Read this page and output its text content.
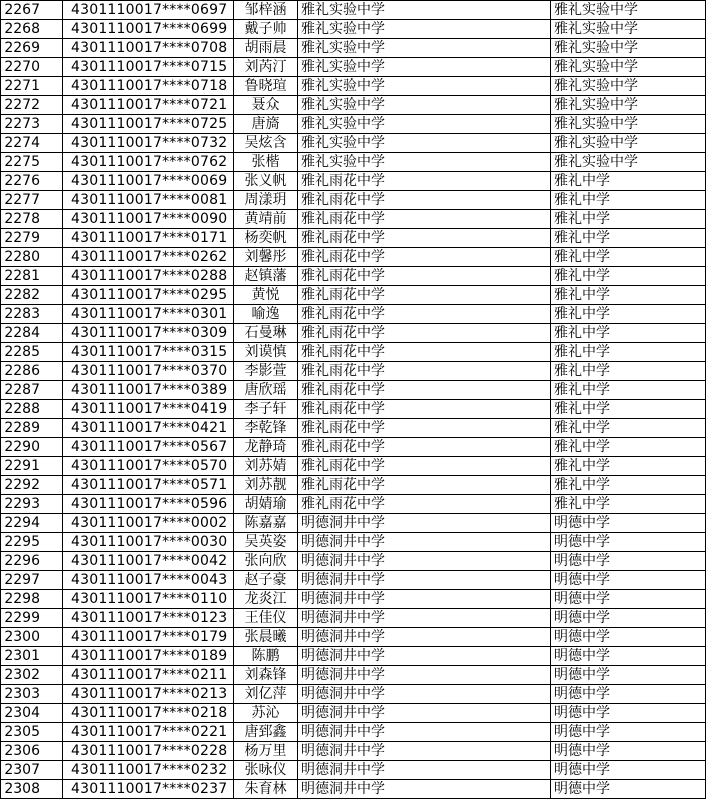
2267	4301110017****0697	邹梓涵	雅礼实验中学	雅礼实验中学
2268	4301110017****0699	戴子帅	雅礼实验中学	雅礼实验中学
2269	4301110017****0708	胡雨晨	雅礼实验中学	雅礼实验中学
2270	4301110017****0715	刘芮汀	雅礼实验中学	雅礼实验中学
2271	4301110017****0718	鲁晓瑄	雅礼实验中学	雅礼实验中学
2272	4301110017****0721	聂众	雅礼实验中学	雅礼实验中学
2273	4301110017****0725	唐旖	雅礼实验中学	雅礼实验中学
2274	4301110017****0732	吴炫含	雅礼实验中学	雅礼实验中学
2275	4301110017****0762	张楷	雅礼实验中学	雅礼实验中学
2276	4301110017****0069	张义帆	雅礼雨花中学	雅礼中学
2277	4301110017****0081	周漾玥	雅礼雨花中学	雅礼中学
2278	4301110017****0090	黄靖前	雅礼雨花中学	雅礼中学
2279	4301110017****0171	杨奕帆	雅礼雨花中学	雅礼中学
2280	4301110017****0262	刘馨彤	雅礼雨花中学	雅礼中学
2281	4301110017****0288	赵镇藩	雅礼雨花中学	雅礼中学
2282	4301110017****0295	黄悦	雅礼雨花中学	雅礼中学
2283	4301110017****0301	喻逸	雅礼雨花中学	雅礼中学
2284	4301110017****0309	石曼琳	雅礼雨花中学	雅礼中学
2285	4301110017****0315	刘谟慎	雅礼雨花中学	雅礼中学
2286	4301110017****0370	李影萱	雅礼雨花中学	雅礼中学
2287	4301110017****0389	唐欣瑶	雅礼雨花中学	雅礼中学
2288	4301110017****0419	李子轩	雅礼雨花中学	雅礼中学
2289	4301110017****0421	李乾锋	雅礼雨花中学	雅礼中学
2290	4301110017****0567	龙静琦	雅礼雨花中学	雅礼中学
2291	4301110017****0570	刘苏婧	雅礼雨花中学	雅礼中学
2292	4301110017****0571	刘苏靓	雅礼雨花中学	雅礼中学
2293	4301110017****0596	胡婧瑜	雅礼雨花中学	雅礼中学
2294	4301110017****0002	陈嘉嘉	明德洞井中学	明德中学
2295	4301110017****0030	吴英姿	明德洞井中学	明德中学
2296	4301110017****0042	张向欣	明德洞井中学	明德中学
2297	4301110017****0043	赵子豪	明德洞井中学	明德中学
2298	4301110017****0110	龙炎江	明德洞井中学	明德中学
2299	4301110017****0123	王佳仪	明德洞井中学	明德中学
2300	4301110017****0179	张晨曦	明德洞井中学	明德中学
2301	4301110017****0189	陈鹏	明德洞井中学	明德中学
2302	4301110017****0211	刘森锋	明德洞井中学	明德中学
2303	4301110017****0213	刘亿萍	明德洞井中学	明德中学
2304	4301110017****0218	苏沁	明德洞井中学	明德中学
2305	4301110017****0221	唐郅鑫	明德洞井中学	明德中学
2306	4301110017****0228	杨万里	明德洞井中学	明德中学
2307	4301110017****0232	张咏仪	明德洞井中学	明德中学
2308	4301110017****0237	朱育林	明德洞井中学	明德中学
